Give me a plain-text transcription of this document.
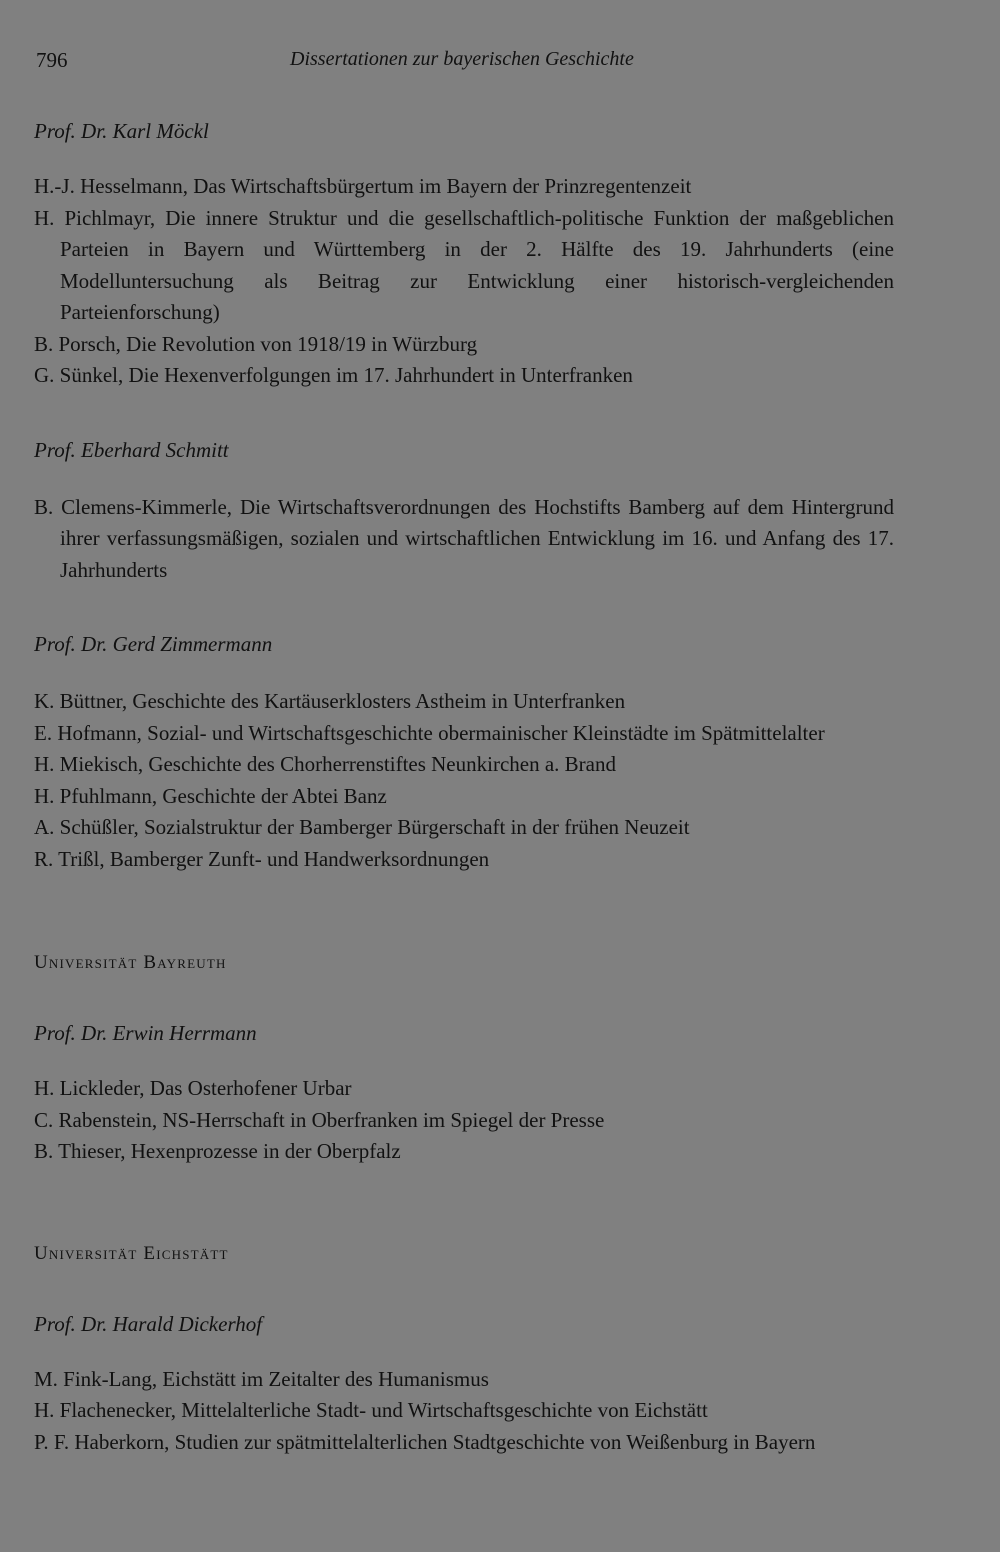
796	Dissertationen zur bayerischen Geschichte
Prof. Dr. Karl Möckl
H.-J. Hesselmann, Das Wirtschaftsbürgertum im Bayern der Prinzregentenzeit
H. Pichlmayr, Die innere Struktur und die gesellschaftlich-politische Funktion der maßgeblichen Parteien in Bayern und Württemberg in der 2. Hälfte des 19. Jahrhunderts (eine Modelluntersuchung als Beitrag zur Entwicklung einer historisch-vergleichenden Parteienforschung)
B. Porsch, Die Revolution von 1918/19 in Würzburg
G. Sünkel, Die Hexenverfolgungen im 17. Jahrhundert in Unterfranken
Prof. Eberhard Schmitt
B. Clemens-Kimmerle, Die Wirtschaftsverordnungen des Hochstifts Bamberg auf dem Hintergrund ihrer verfassungsmäßigen, sozialen und wirtschaftlichen Entwicklung im 16. und Anfang des 17. Jahrhunderts
Prof. Dr. Gerd Zimmermann
K. Büttner, Geschichte des Kartäuserklosters Astheim in Unterfranken
E. Hofmann, Sozial- und Wirtschaftsgeschichte obermainischer Kleinstädte im Spätmittelalter
H. Miekisch, Geschichte des Chorherrenstiftes Neunkirchen a. Brand
H. Pfuhlmann, Geschichte der Abtei Banz
A. Schüßler, Sozialstruktur der Bamberger Bürgerschaft in der frühen Neuzeit
R. Trißl, Bamberger Zunft- und Handwerksordnungen
Universität Bayreuth
Prof. Dr. Erwin Herrmann
H. Lickleder, Das Osterhofener Urbar
C. Rabenstein, NS-Herrschaft in Oberfranken im Spiegel der Presse
B. Thieser, Hexenprozesse in der Oberpfalz
Universität Eichstätt
Prof. Dr. Harald Dickerhof
M. Fink-Lang, Eichstätt im Zeitalter des Humanismus
H. Flachenecker, Mittelalterliche Stadt- und Wirtschaftsgeschichte von Eichstätt
P. F. Haberkorn, Studien zur spätmittelalterlichen Stadtgeschichte von Weißenburg in Bayern
